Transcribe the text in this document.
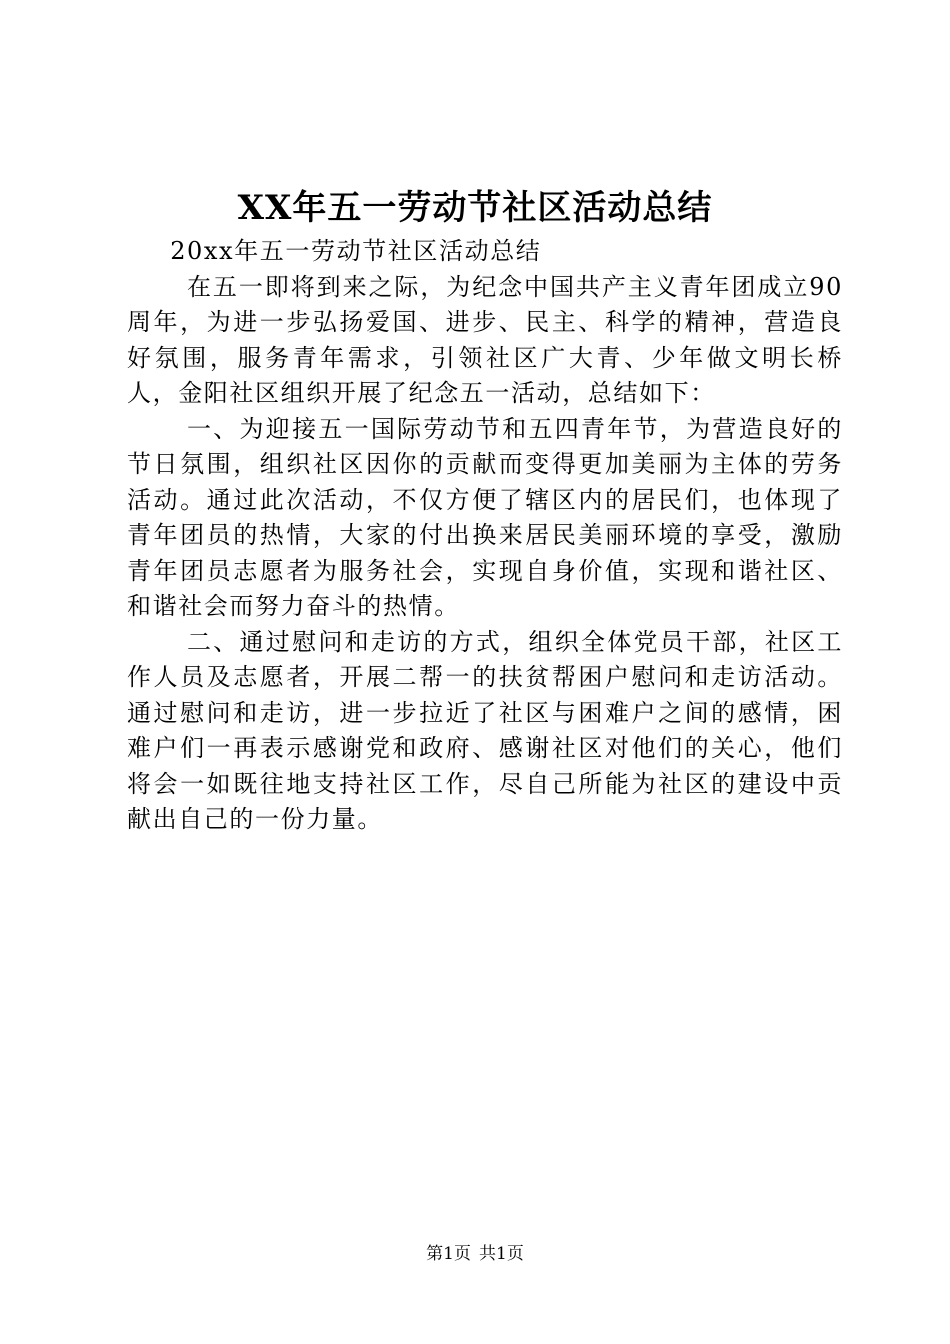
XX年五一劳动节社区活动总结

20xx年五一劳动节社区活动总结

在五一即将到来之际，为纪念中国共产主义青年团成立90周年，为进一步弘扬爱国、进步、民主、科学的精神，营造良好氛围，服务青年需求，引领社区广大青、少年做文明长桥人，金阳社区组织开展了纪念五一活动，总结如下：

一、为迎接五一国际劳动节和五四青年节，为营造良好的节日氛围，组织社区因你的贡献而变得更加美丽为主体的劳务活动。通过此次活动，不仅方便了辖区内的居民们，也体现了青年团员的热情，大家的付出换来居民美丽环境的享受，激励青年团员志愿者为服务社会，实现自身价值，实现和谐社区、和谐社会而努力奋斗的热情。

二、通过慰问和走访的方式，组织全体党员干部，社区工作人员及志愿者，开展二帮一的扶贫帮困户慰问和走访活动。通过慰问和走访，进一步拉近了社区与困难户之间的感情，困难户们一再表示感谢党和政府、感谢社区对他们的关心，他们将会一如既往地支持社区工作，尽自己所能为社区的建设中贡献出自己的一份力量。

第1页 共1页
